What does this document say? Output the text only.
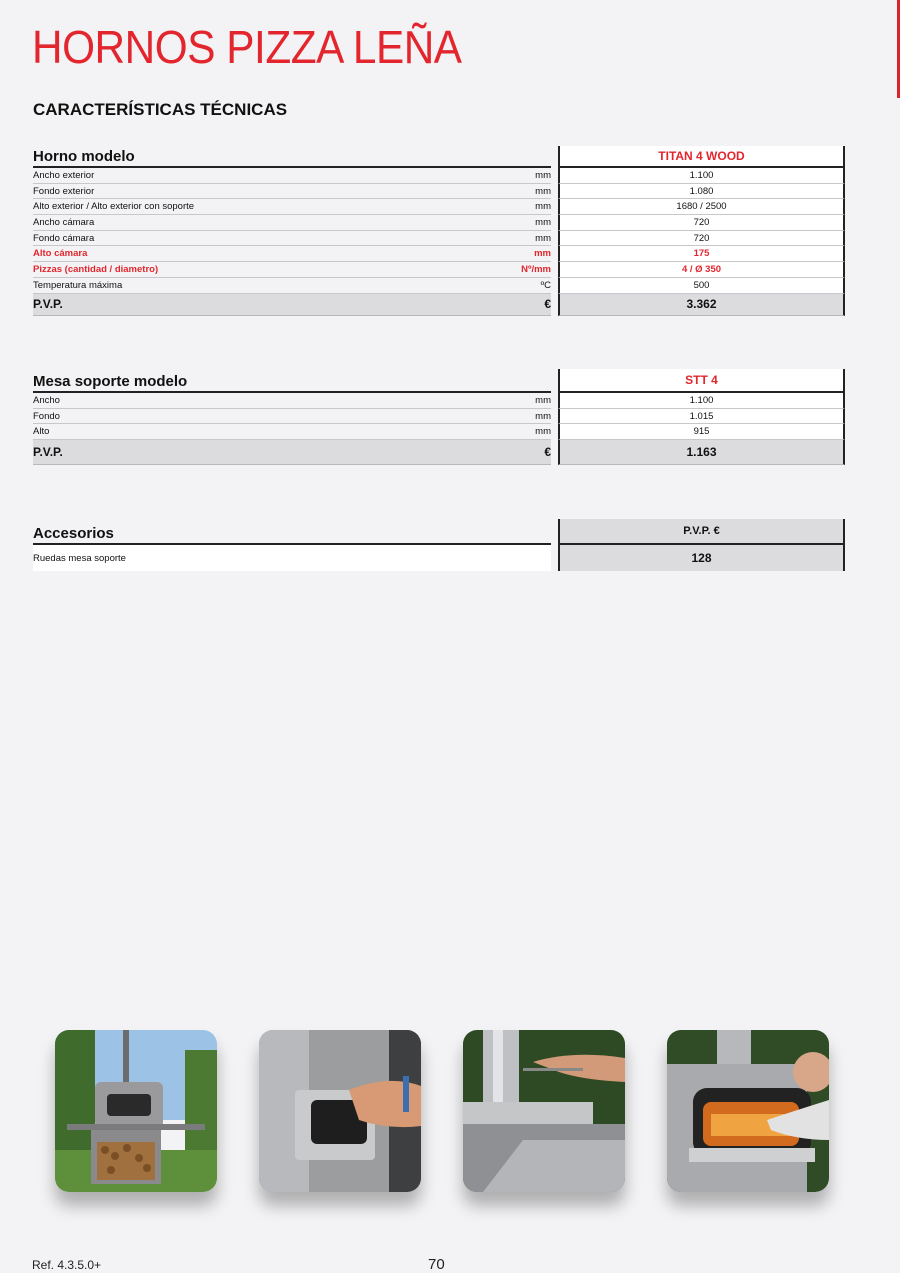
HORNOS PIZZA LEÑA
CARACTERÍSTICAS TÉCNICAS
Horno modelo	TITAN 4 WOOD
Ancho exterior	mm	1.100
Fondo exterior	mm	1.080
Alto exterior / Alto exterior con soporte	mm	1680 / 2500
Ancho cámara	mm	720
Fondo cámara	mm	720
Alto cámara	mm	175
Pizzas (cantidad / diametro)	Nº/mm	4 / Ø 350
Temperatura máxima	ºC	500
P.V.P.	€	3.362
Mesa soporte modelo	STT 4
Ancho	mm	1.100
Fondo	mm	1.015
Alto	mm	915
P.V.P.	€	1.163
Accesorios	P.V.P. €
Ruedas mesa soporte	128
Ref. 4.3.5.0+	70
